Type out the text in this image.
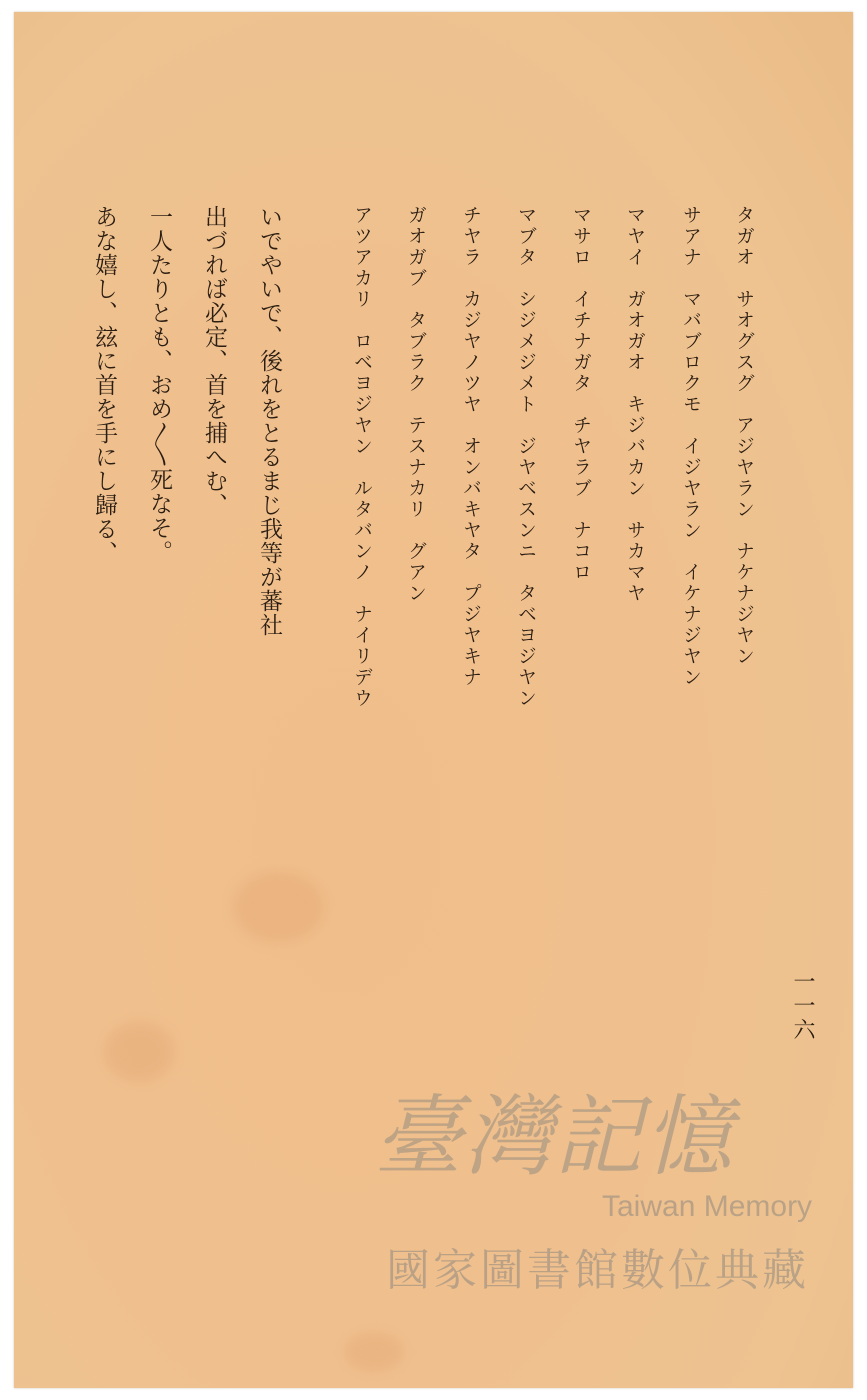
タガオ　サオグスグ　アジヤラン　ナケナジヤン
サアナ　マバブロクモ　イジヤラン　イケナジヤン
マヤイ　ガオガオ　キジバカン　サカマヤ
マサロ　イチナガタ　チヤラブ　ナコロ
マブタ　シジメジメト　ジヤベスンニ　タベヨジヤン
チヤラ　カジヤノツヤ　オンバキヤタ　プジヤキナ
ガオガブ　タブラク　テスナカリ　グアン
アツアカリ　ロベヨジヤン　ルタバンノ　ナイリデウ
いでやいで、後れをとるまじ我等が蕃社
出づれば必定、首を捕へむ、
一人たりとも、おめ〳〵死なそ。
あな嬉し、玆に首を手にし歸る、
一一六
臺灣記憶
Taiwan Memory
國家圖書館數位典藏
